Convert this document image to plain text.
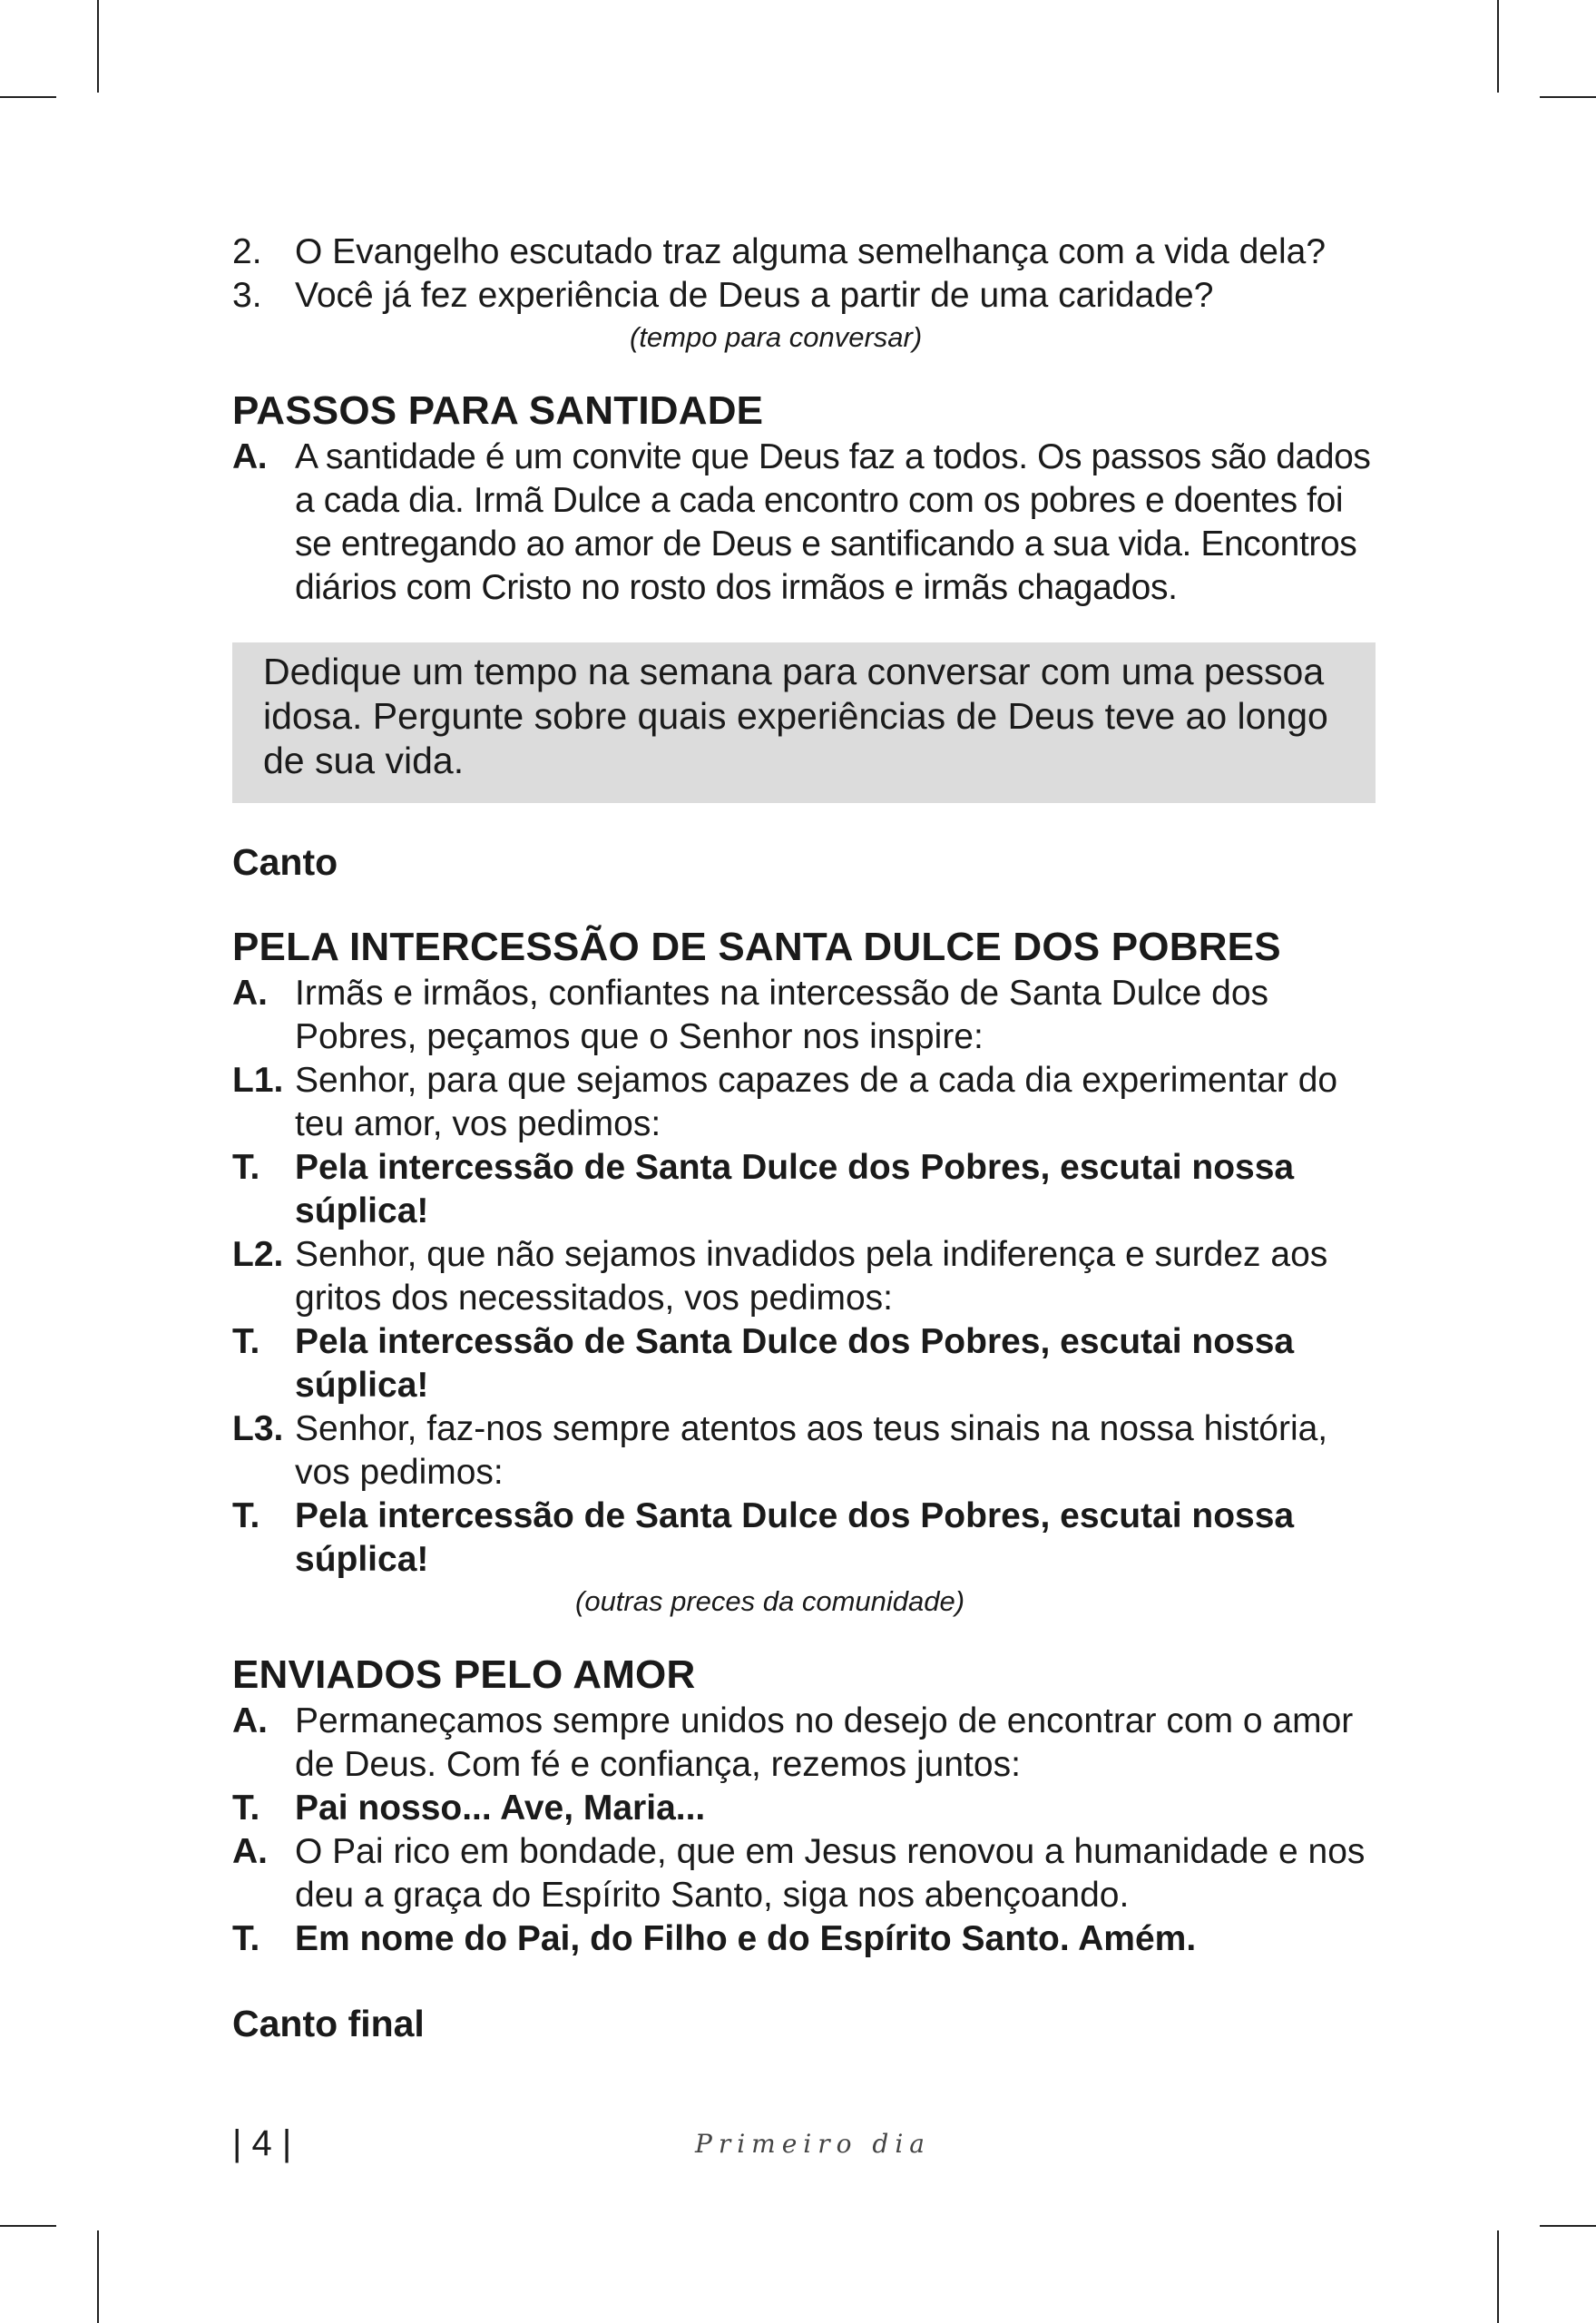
2. O Evangelho escutado traz alguma semelhança com a vida dela?
3. Você já fez experiência de Deus a partir de uma caridade?
(tempo para conversar)
PASSOS PARA SANTIDADE
A. A santidade é um convite que Deus faz a todos. Os passos são dados a cada dia. Irmã Dulce a cada encontro com os pobres e doentes foi se entregando ao amor de Deus e santificando a sua vida. Encontros diários com Cristo no rosto dos irmãos e irmãs chagados.
Dedique um tempo na semana para conversar com uma pessoa idosa. Pergunte sobre quais experiências de Deus teve ao longo de sua vida.
Canto
PELA INTERCESSÃO DE SANTA DULCE DOS POBRES
A. Irmãs e irmãos, confiantes na intercessão de Santa Dulce dos Pobres, peçamos que o Senhor nos inspire:
L1. Senhor, para que sejamos capazes de a cada dia experimentar do teu amor, vos pedimos:
T. Pela intercessão de Santa Dulce dos Pobres, escutai nossa súplica!
L2. Senhor, que não sejamos invadidos pela indiferença e surdez aos gritos dos necessitados, vos pedimos:
T. Pela intercessão de Santa Dulce dos Pobres, escutai nossa súplica!
L3. Senhor, faz-nos sempre atentos aos teus sinais na nossa história, vos pedimos:
T. Pela intercessão de Santa Dulce dos Pobres, escutai nossa súplica!
(outras preces da comunidade)
ENVIADOS PELO AMOR
A. Permaneçamos sempre unidos no desejo de encontrar com o amor de Deus. Com fé e confiança, rezemos juntos:
T. Pai nosso... Ave, Maria...
A. O Pai rico em bondade, que em Jesus renovou a humanidade e nos deu a graça do Espírito Santo, siga nos abençoando.
T. Em nome do Pai, do Filho e do Espírito Santo. Amém.
Canto final
| 4 |	Primeiro dia
